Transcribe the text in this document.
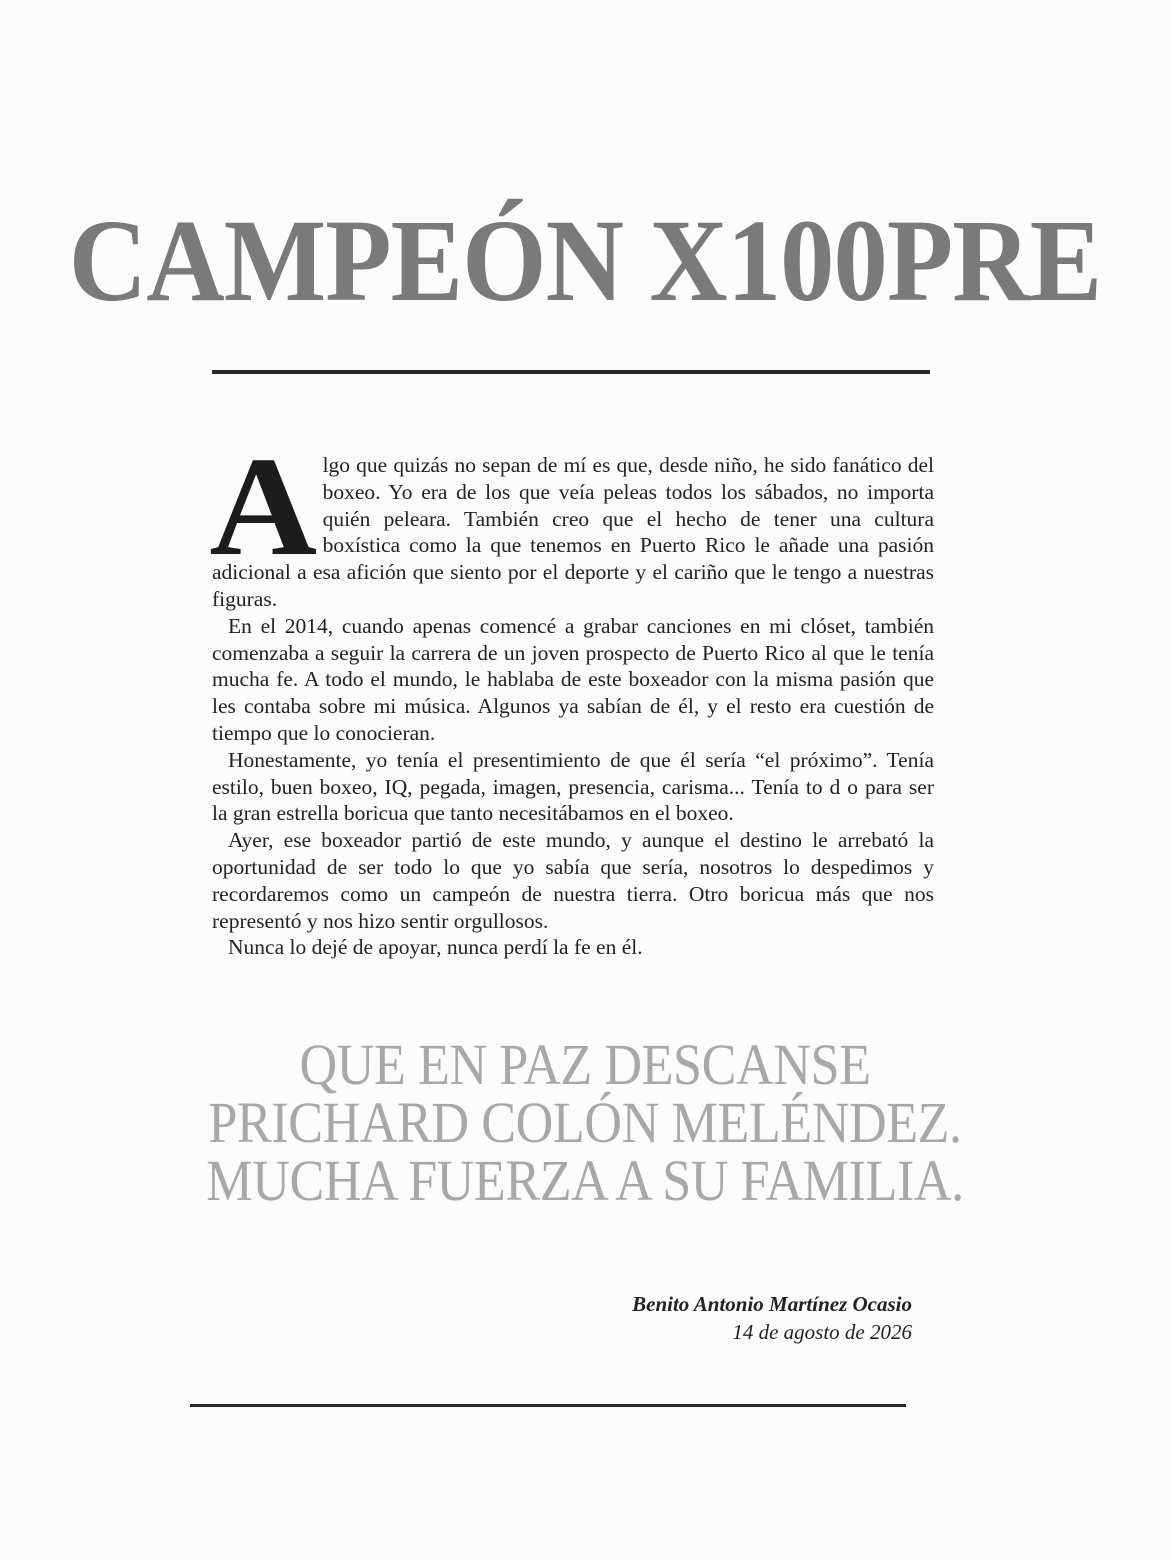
CAMPEÓN X100PRE

Algo que quizás no sepan de mí es que, desde niño, he sido fanático del boxeo. Yo era de los que veía peleas todos los sábados, no importa quién peleara. También creo que el hecho de tener una cultura boxística como la que tenemos en Puerto Rico le añade una pasión adicional a esa afición que siento por el deporte y el cariño que le tengo a nuestras figuras.

En el 2014, cuando apenas comencé a grabar canciones en mi clóset, también comenzaba a seguir la carrera de un joven prospecto de Puerto Rico al que le tenía mucha fe. A todo el mundo, le hablaba de este boxeador con la misma pasión que les contaba sobre mi música. Algunos ya sabían de él, y el resto era cuestión de tiempo que lo conocieran.

Honestamente, yo tenía el presentimiento de que él sería “el próximo”. Tenía estilo, buen boxeo, IQ, pegada, imagen, presencia, carisma... Tenía to d o para ser la gran estrella boricua que tanto necesitábamos en el boxeo.

Ayer, ese boxeador partió de este mundo, y aunque el destino le arrebató la oportunidad de ser todo lo que yo sabía que sería, nosotros lo despedimos y recordaremos como un campeón de nuestra tierra. Otro boricua más que nos representó y nos hizo sentir orgullosos.

Nunca lo dejé de apoyar, nunca perdí la fe en él.

QUE EN PAZ DESCANSE
PRICHARD COLÓN MELÉNDEZ.
MUCHA FUERZA A SU FAMILIA.
Benito Antonio Martínez Ocasio
14 de agosto de 2026
